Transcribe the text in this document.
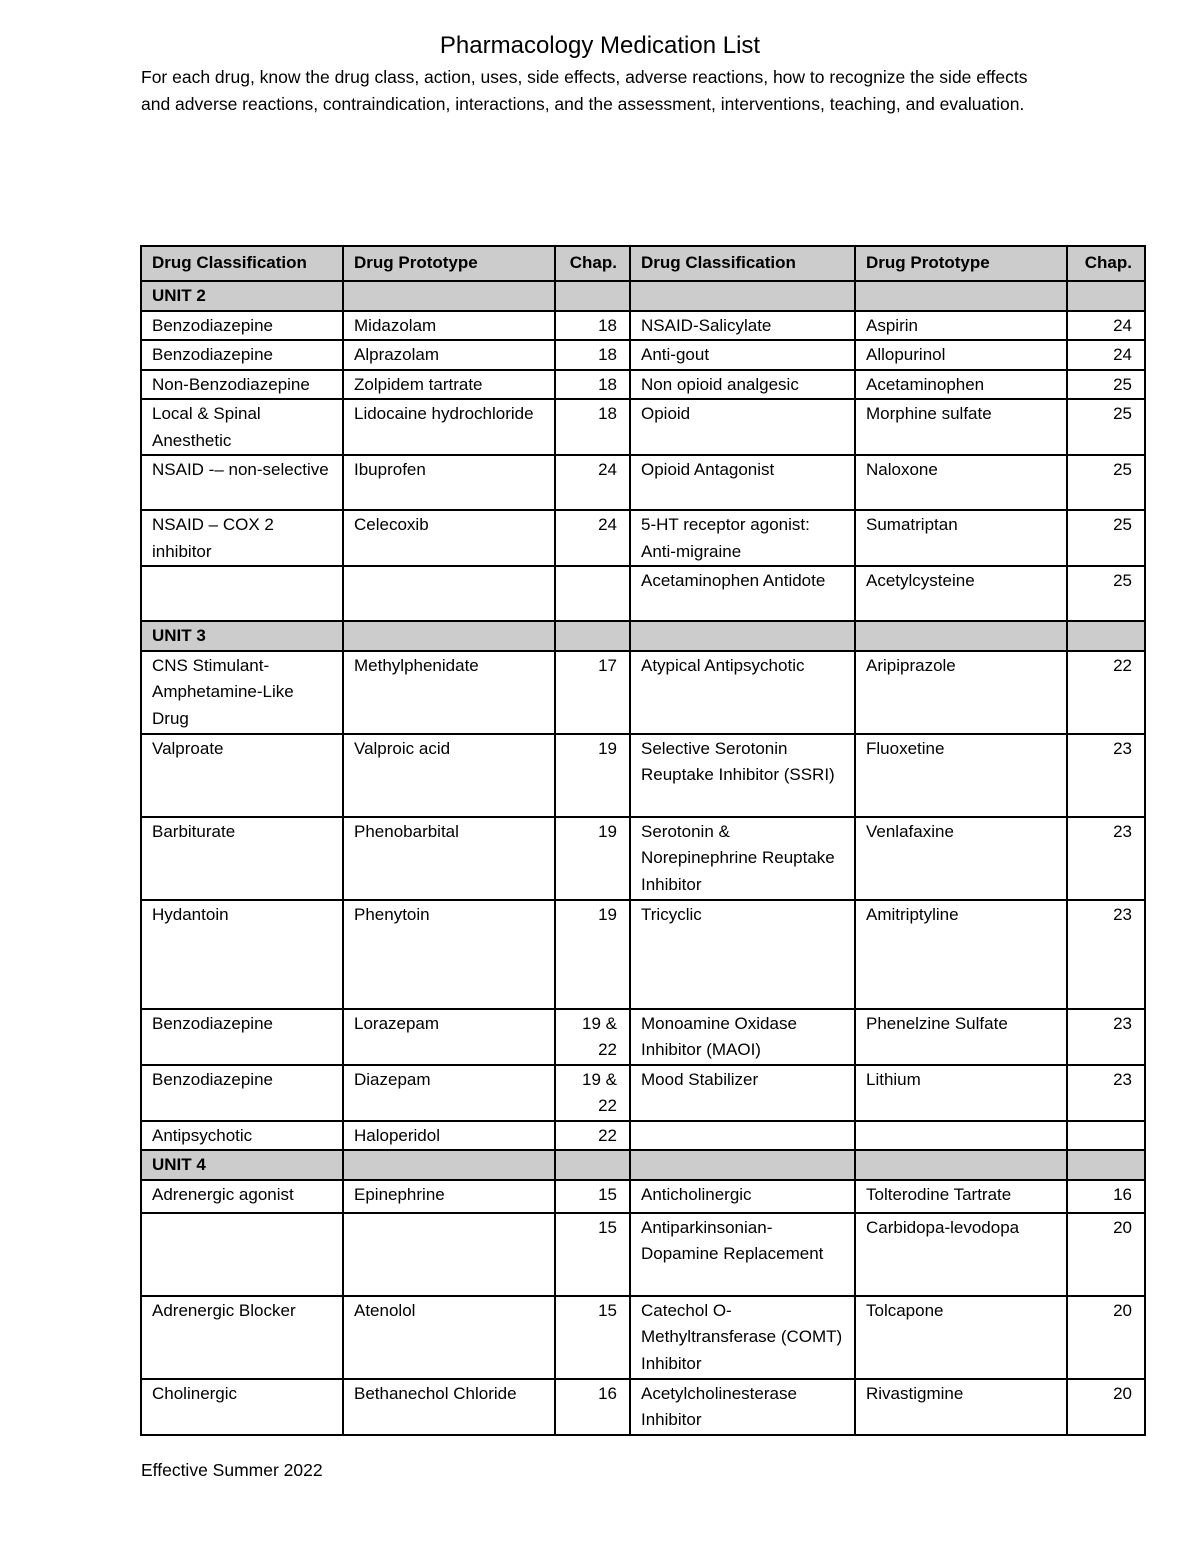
Pharmacology Medication List
For each drug, know the drug class, action, uses, side effects, adverse reactions, how to recognize the side effects and adverse reactions, contraindication, interactions, and the assessment, interventions, teaching, and evaluation.
Drug Classification	Drug Prototype	Chap.	Drug Classification	Drug Prototype	Chap.
UNIT 2					
Benzodiazepine	Midazolam	18	NSAID-Salicylate	Aspirin	24
Benzodiazepine	Alprazolam	18	Anti-gout	Allopurinol	24
Non-Benzodiazepine	Zolpidem tartrate	18	Non opioid analgesic	Acetaminophen	25
Local & Spinal Anesthetic	Lidocaine hydrochloride	18	Opioid	Morphine sulfate	25
NSAID -– non-selective	Ibuprofen	24	Opioid Antagonist	Naloxone	25
NSAID – COX 2 inhibitor	Celecoxib	24	5-HT receptor agonist: Anti-migraine	Sumatriptan	25
			Acetaminophen Antidote	Acetylcysteine	25
UNIT 3					
CNS Stimulant-Amphetamine-Like Drug	Methylphenidate	17	Atypical Antipsychotic	Aripiprazole	22
Valproate	Valproic acid	19	Selective Serotonin Reuptake Inhibitor (SSRI)	Fluoxetine	23
Barbiturate	Phenobarbital	19	Serotonin & Norepinephrine Reuptake Inhibitor	Venlafaxine	23
Hydantoin	Phenytoin	19	Tricyclic	Amitriptyline	23
Benzodiazepine	Lorazepam	19 & 22	Monoamine Oxidase Inhibitor (MAOI)	Phenelzine Sulfate	23
Benzodiazepine	Diazepam	19 & 22	Mood Stabilizer	Lithium	23
Antipsychotic	Haloperidol	22			
UNIT 4					
Adrenergic agonist	Epinephrine	15	Anticholinergic	Tolterodine Tartrate	16
		15	Antiparkinsonian-Dopamine Replacement	Carbidopa-levodopa	20
Adrenergic Blocker	Atenolol	15	Catechol O-Methyltransferase (COMT) Inhibitor	Tolcapone	20
Cholinergic	Bethanechol Chloride	16	Acetylcholinesterase Inhibitor	Rivastigmine	20
Effective Summer 2022
